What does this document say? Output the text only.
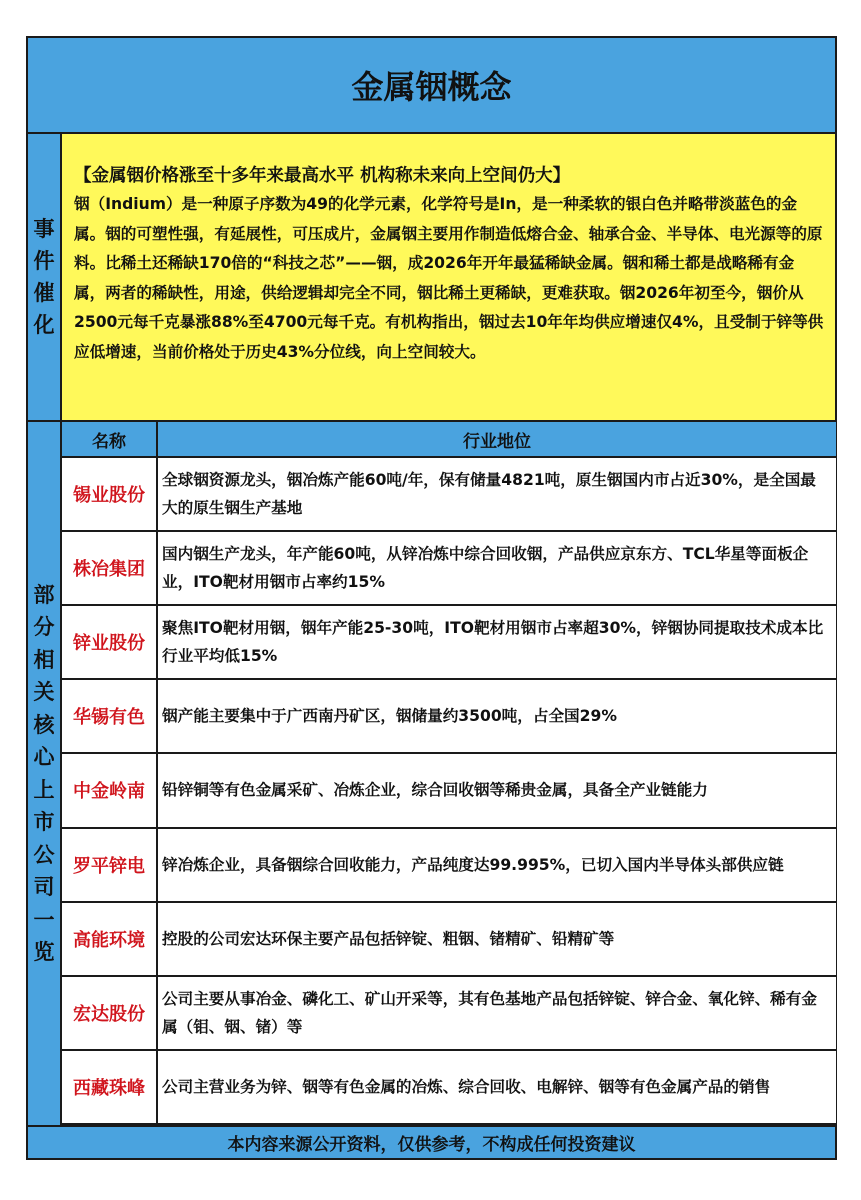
金属铟概念
事
件
催
化
【金属铟价格涨至十多年来最高水平 机构称未来向上空间仍大】
铟（Indium）是一种原子序数为49的化学元素，化学符号是In，是一种柔软的银白色并略带淡蓝色的金属。铟的可塑性强，有延展性，可压成片，金属铟主要用作制造低熔合金、轴承合金、半导体、电光源等的原料。比稀土还稀缺170倍的“科技之芯”——铟，成2026年开年最猛稀缺金属。铟和稀土都是战略稀有金属，两者的稀缺性，用途，供给逻辑却完全不同，铟比稀土更稀缺，更难获取。铟2026年初至今，铟价从2500元每千克暴涨88%至4700元每千克。有机构指出，铟过去10年年均供应增速仅4%，且受制于锌等供应低增速，当前价格处于历史43%分位线，向上空间较大。
部
分
相
关
核
心
上
市
公
司
一
览
名称	行业地位
锡业股份	全球铟资源龙头，铟冶炼产能60吨/年，保有储量4821吨，原生铟国内市占近30%，是全国最大的原生铟生产基地
株冶集团	国内铟生产龙头，年产能60吨，从锌冶炼中综合回收铟，产品供应京东方、TCL华星等面板企业，ITO靶材用铟市占率约15%
锌业股份	聚焦ITO靶材用铟，铟年产能25-30吨，ITO靶材用铟市占率超30%，锌铟协同提取技术成本比行业平均低15%
华锡有色	铟产能主要集中于广西南丹矿区，铟储量约3500吨，占全国29%
中金岭南	铅锌铜等有色金属采矿、冶炼企业，综合回收铟等稀贵金属，具备全产业链能力
罗平锌电	锌冶炼企业，具备铟综合回收能力，产品纯度达99.995%，已切入国内半导体头部供应链
高能环境	控股的公司宏达环保主要产品包括锌锭、粗铟、锗精矿、铅精矿等
宏达股份	公司主要从事冶金、磷化工、矿山开采等，其有色基地产品包括锌锭、锌合金、氧化锌、稀有金属（钼、铟、锗）等
西藏珠峰	公司主营业务为锌、铟等有色金属的冶炼、综合回收、电解锌、铟等有色金属产品的销售
本内容来源公开资料，仅供参考，不构成任何投资建议
